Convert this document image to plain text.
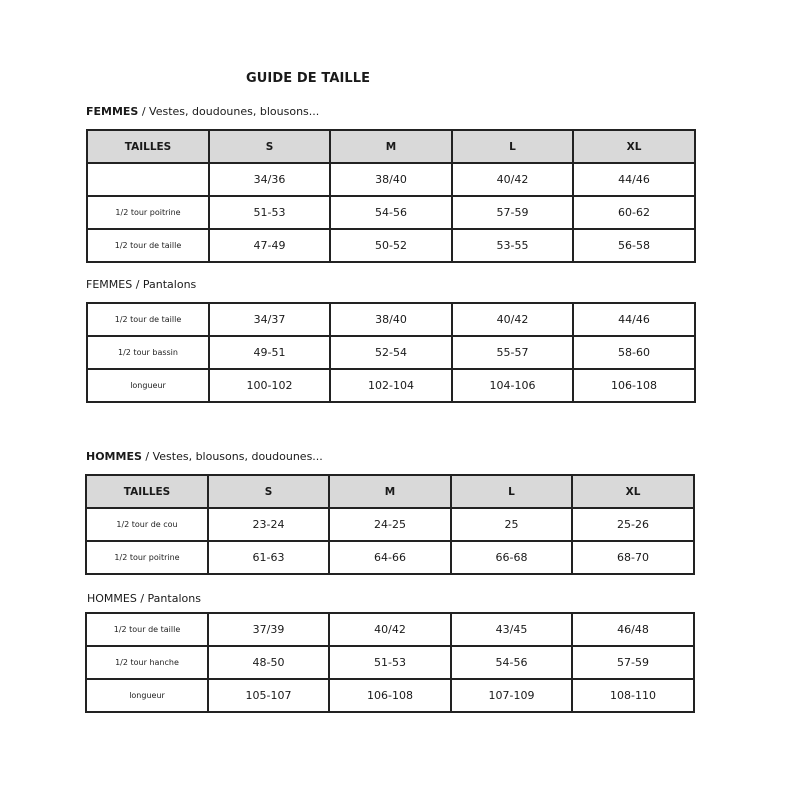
GUIDE DE TAILLE
FEMMES / Vestes, doudounes, blousons...
TAILLES	S	M	L	XL
	34/36	38/40	40/42	44/46
1/2 tour poitrine	51-53	54-56	57-59	60-62
1/2 tour de taille	47-49	50-52	53-55	56-58
FEMMES / Pantalons
1/2 tour de taille	34/37	38/40	40/42	44/46
1/2 tour bassin	49-51	52-54	55-57	58-60
longueur	100-102	102-104	104-106	106-108
HOMMES / Vestes, blousons, doudounes...
TAILLES	S	M	L	XL
1/2 tour de cou	23-24	24-25	25	25-26
1/2 tour poitrine	61-63	64-66	66-68	68-70
HOMMES / Pantalons
1/2 tour de taille	37/39	40/42	43/45	46/48
1/2 tour hanche	48-50	51-53	54-56	57-59
longueur	105-107	106-108	107-109	108-110
